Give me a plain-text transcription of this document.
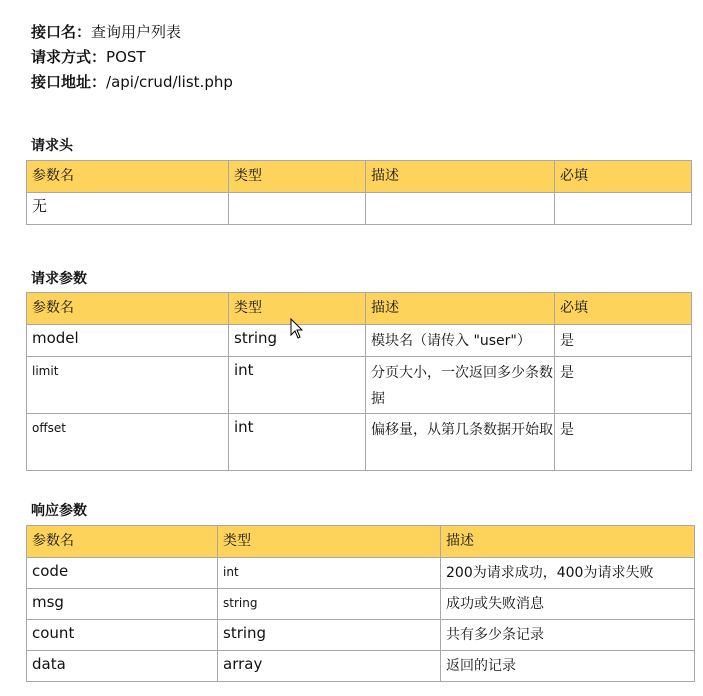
接口名：查询用户列表
请求方式：POST
接口地址：/api/crud/list.php
请求头
参数名	类型	描述	必填
无			
请求参数
参数名	类型	描述	必填
model	string	模块名（请传入 "user"）	是
limit	int	分页大小，一次返回多少条数据	是
offset	int	偏移量，从第几条数据开始取	是
响应参数
参数名	类型	描述
code	int	200为请求成功，400为请求失败
msg	string	成功或失败消息
count	string	共有多少条记录
data	array	返回的记录
